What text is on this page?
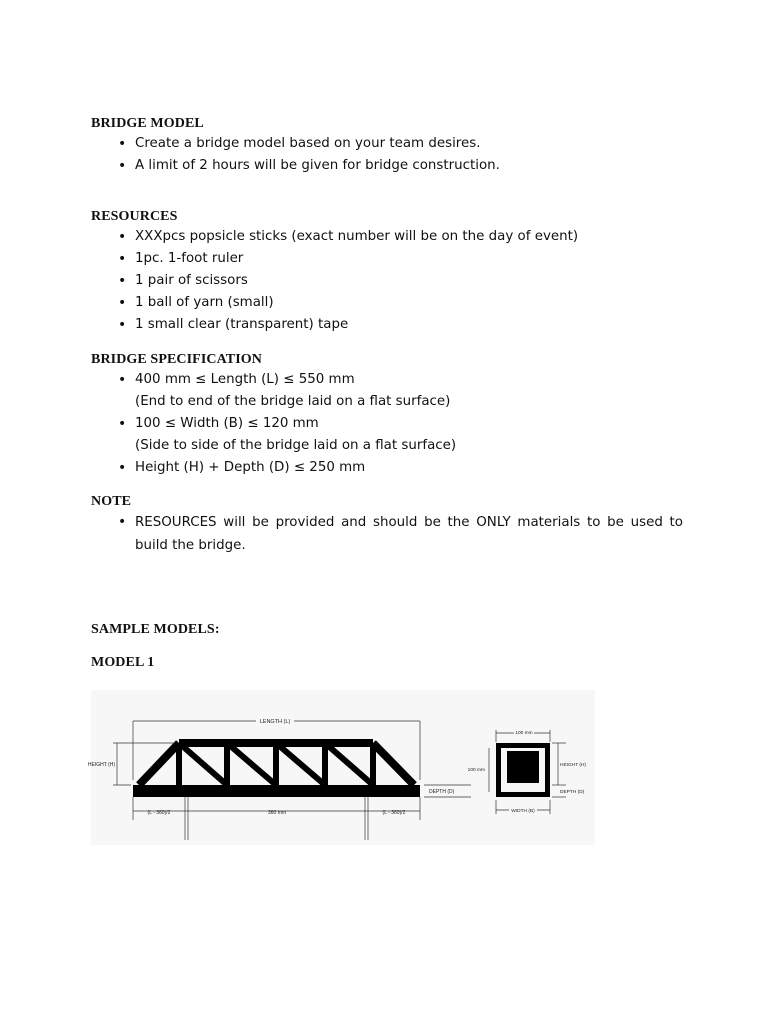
BRIDGE MODEL
• Create a bridge model based on your team desires.
• A limit of 2 hours will be given for bridge construction.
RESOURCES
• XXXpcs popsicle sticks (exact number will be on the day of event)
• 1pc. 1-foot ruler
• 1 pair of scissors
• 1 ball of yarn (small)
• 1 small clear (transparent) tape
BRIDGE SPECIFICATION
• 400 mm ≤ Length (L) ≤ 550 mm
(End to end of the bridge laid on a flat surface)
• 100 ≤ Width (B) ≤ 120 mm
(Side to side of the bridge laid on a flat surface)
• Height (H) + Depth (D) ≤ 250 mm
NOTE
• RESOURCES will be provided and should be the ONLY materials to be used to build the bridge.
SAMPLE MODELS:
MODEL 1
LENGTH (L)
HEIGHT (H)
DEPTH (D)
(L - 360)/2	360 mm	(L - 360)/2
100 mm
100 mm
HEIGHT (H)
DEPTH (D)
WIDTH (B)
